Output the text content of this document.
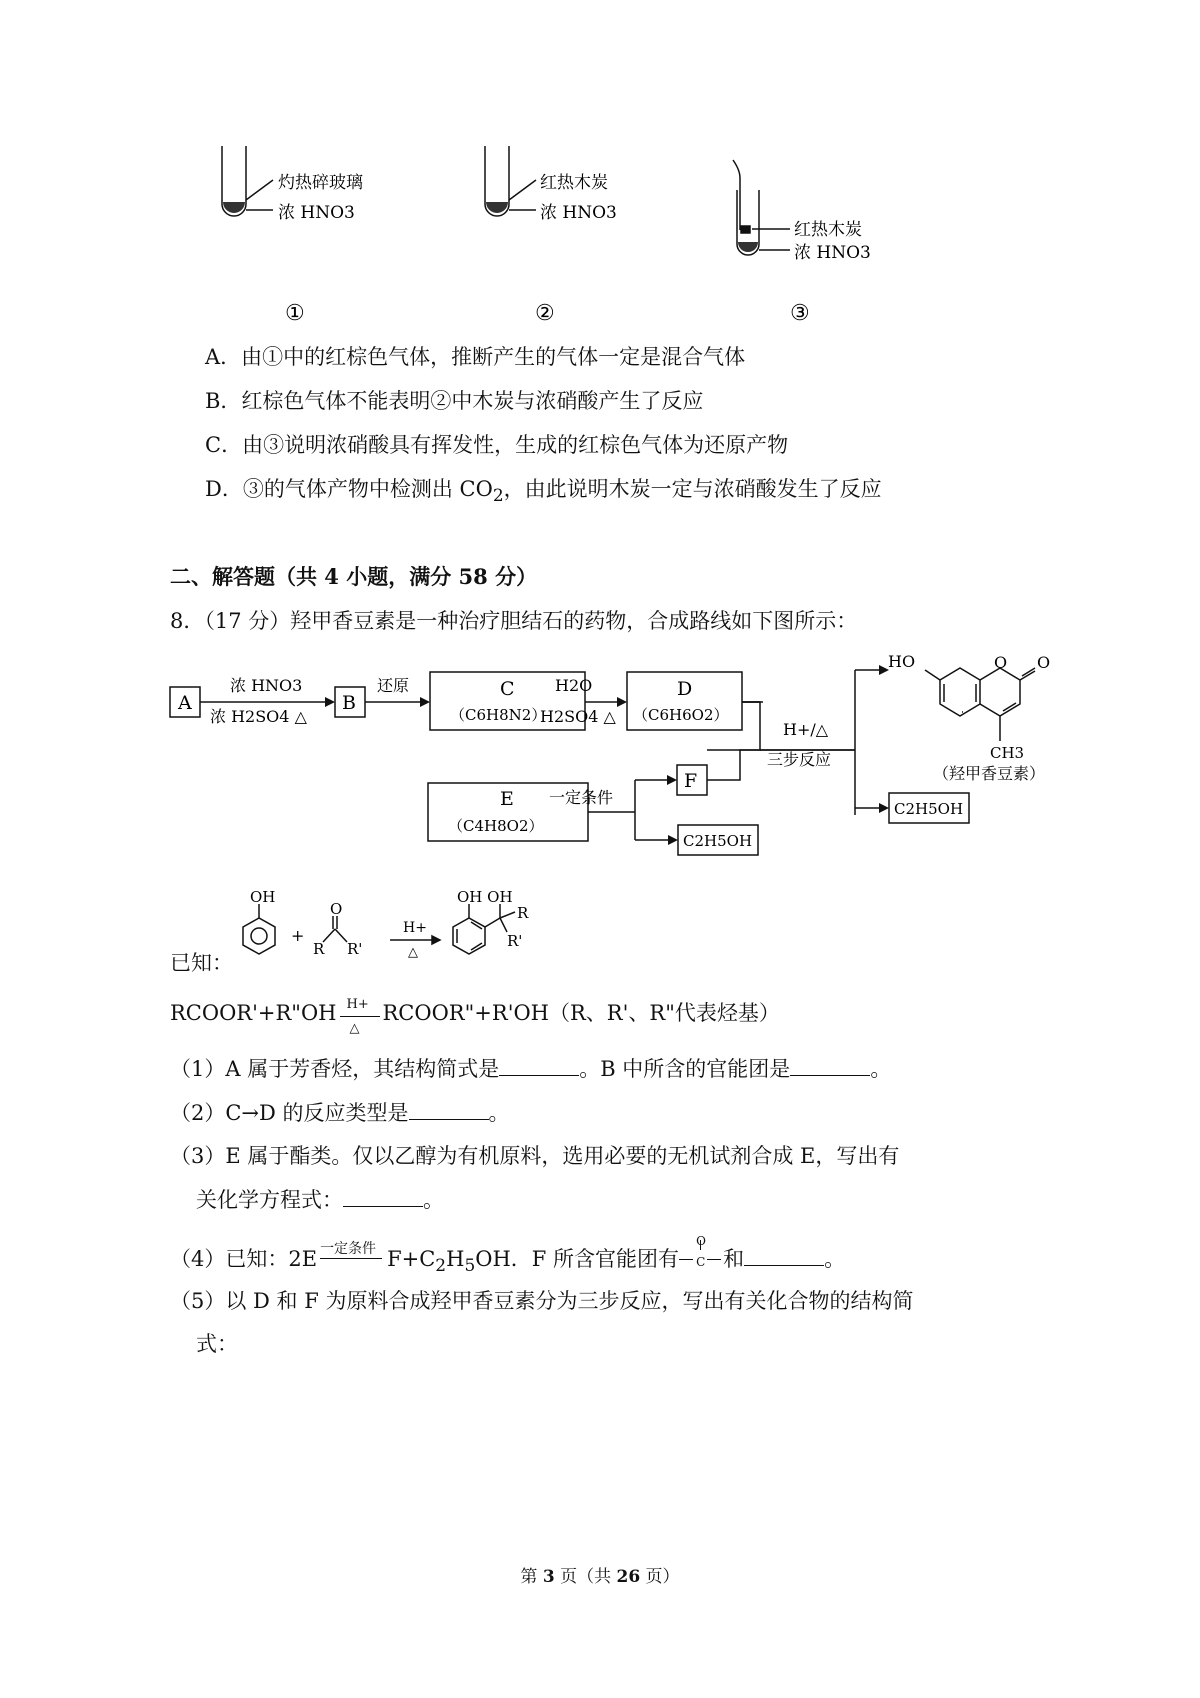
灼热碎玻璃
浓 HNO3
红热木炭
浓 HNO3
红热木炭
浓 HNO3
①	②	③
A．由①中的红棕色气体，推断产生的气体一定是混合气体
B．红棕色气体不能表明②中木炭与浓硝酸产生了反应
C．由③说明浓硝酸具有挥发性，生成的红棕色气体为还原产物
D．③的气体产物中检测出 $CO_2$，由此说明木炭一定与浓硝酸发生了反应
二、解答题（共 4 小题，满分 58 分）
8．（17 分）羟甲香豆素是一种治疗胆结石的药物，合成路线如下图所示：
A	B
C
（C6H8N2）
D
（C6H6O2）
F
E
（C4H8O2）
C2H5OH
C2H5OH
浓 HNO3
浓 H2SO4 △
还原	H2O
H2SO4 △
一定条件
H+/△
三步反应
HO	O O
CH3
（羟甲香豆素）
已知：
OH
+
O
R R'
H+
△
OH OH
R
R'
RCOOR'+R"OH H+
△
RCOOR"+R'OH（R、R'、R"代表烃基）
（1）A 属于芳香烃，其结构简式是	。B 中所含的官能团是	。
（2）C→D 的反应类型是	。
（3）E 属于酯类。仅以乙醇为有机原料，选用必要的无机试剂合成 E，写出有
关化学方程式：	。
（4）已知：2E 一定条件 $F+C_2H_5OH$．F 所含官能团有
O
C 和	。
（5）以 D 和 F 为原料合成羟甲香豆素分为三步反应，写出有关化合物的结构简
式：
第 3 页（共 26 页）
